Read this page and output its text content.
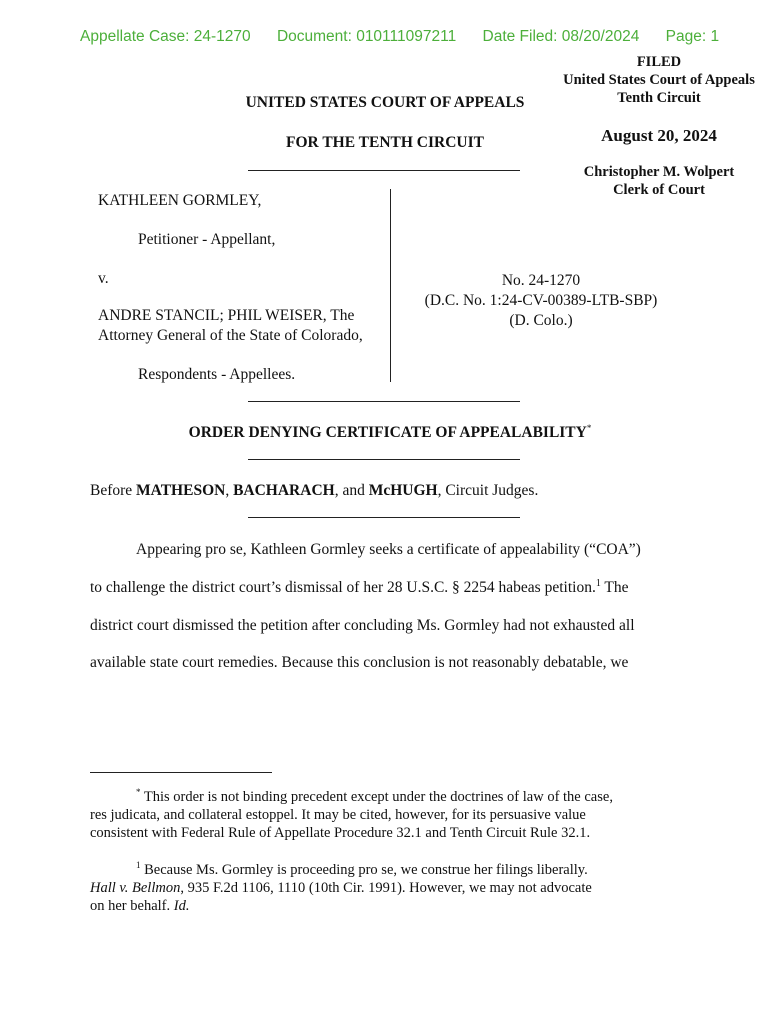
Appellate Case: 24-1270 Document: 010111097211 Date Filed: 08/20/2024 Page: 1
FILED
United States Court of Appeals
Tenth Circuit
August 20, 2024
Christopher M. Wolpert
Clerk of Court
UNITED STATES COURT OF APPEALS
FOR THE TENTH CIRCUIT
KATHLEEN GORMLEY,
Petitioner - Appellant,
v.
ANDRE STANCIL; PHIL WEISER, The
Attorney General of the State of Colorado,
Respondents - Appellees.
No. 24-1270
(D.C. No. 1:24-CV-00389-LTB-SBP)
(D. Colo.)
ORDER DENYING CERTIFICATE OF APPEALABILITY*
Before MATHESON, BACHARACH, and McHUGH, Circuit Judges.
Appearing pro se, Kathleen Gormley seeks a certificate of appealability (“COA”)
to challenge the district court’s dismissal of her 28 U.S.C. § 2254 habeas petition.$^1$ The
district court dismissed the petition after concluding Ms. Gormley had not exhausted all
available state court remedies. Because this conclusion is not reasonably debatable, we
* This order is not binding precedent except under the doctrines of law of the case,
res judicata, and collateral estoppel. It may be cited, however, for its persuasive value
consistent with Federal Rule of Appellate Procedure 32.1 and Tenth Circuit Rule 32.1.
$^1$ Because Ms. Gormley is proceeding pro se, we construe her filings liberally.
Hall v. Bellmon, 935 F.2d 1106, 1110 (10th Cir. 1991). However, we may not advocate
on her behalf. Id.
